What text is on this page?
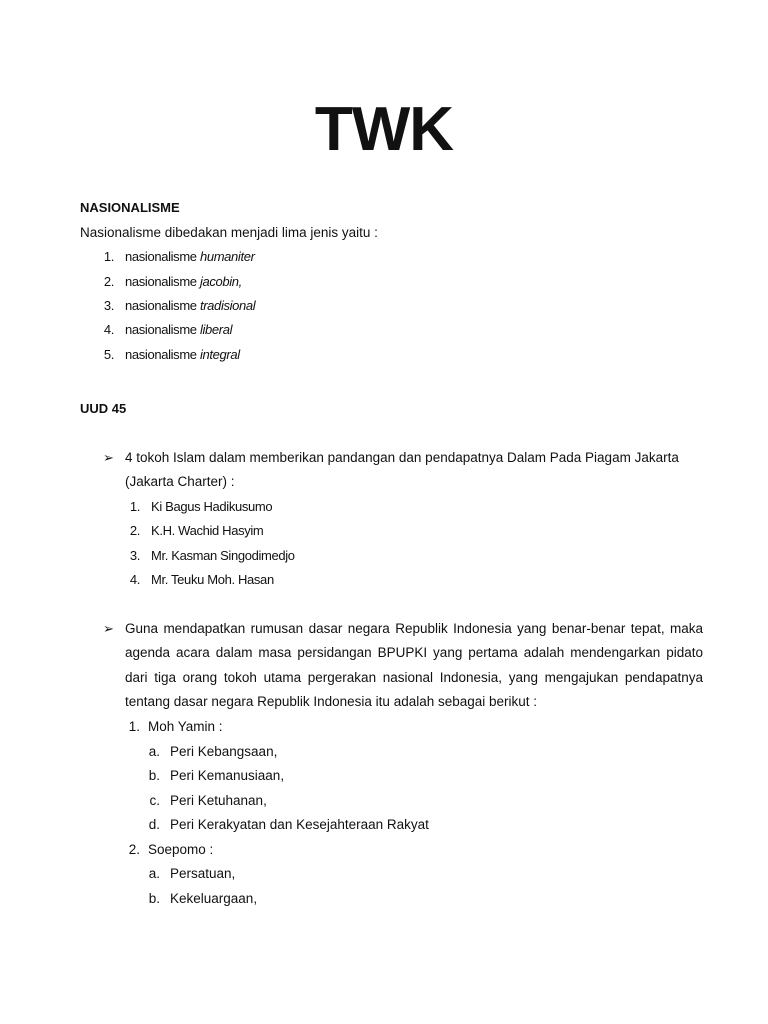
TWK
NASIONALISME
Nasionalisme dibedakan menjadi lima jenis yaitu :
1. nasionalisme humaniter
2. nasionalisme jacobin,
3. nasionalisme tradisional
4. nasionalisme liberal
5. nasionalisme integral
UUD 45
➢ 4 tokoh Islam dalam memberikan pandangan dan pendapatnya Dalam Pada Piagam Jakarta
(Jakarta Charter) :
1. Ki Bagus Hadikusumo
2. K.H. Wachid Hasyim
3. Mr. Kasman Singodimedjo
4. Mr. Teuku Moh. Hasan
➢ Guna mendapatkan rumusan dasar negara Republik Indonesia yang benar-benar tepat, maka agenda acara dalam masa persidangan BPUPKI yang pertama adalah mendengarkan pidato dari tiga orang tokoh utama pergerakan nasional Indonesia, yang mengajukan pendapatnya tentang dasar negara Republik Indonesia itu adalah sebagai berikut :
1. Moh Yamin :
a. Peri Kebangsaan,
b. Peri Kemanusiaan,
c. Peri Ketuhanan,
d. Peri Kerakyatan dan Kesejahteraan Rakyat
2. Soepomo :
a. Persatuan,
b. Kekeluargaan,
